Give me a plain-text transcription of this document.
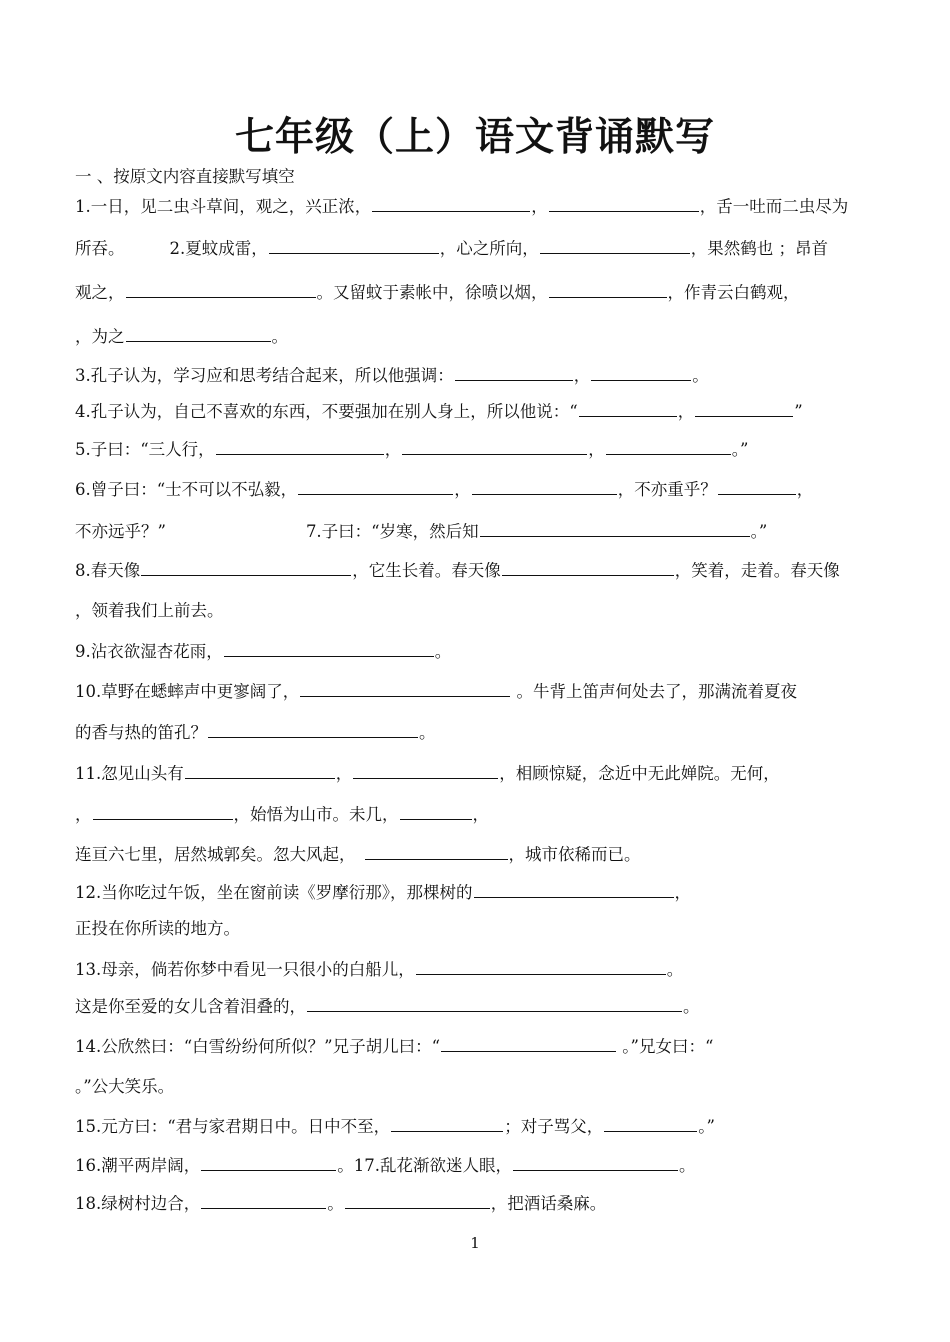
七年级（上）语文背诵默写
一 、按原文内容直接默写填空
1.一日，见二虫斗草间，观之，兴正浓，	，	，舌一吐而二虫尽为
所吞。	2.夏蚊成雷，	，心之所向，	，果然鹤也 ；昂首
观之，	。又留蚊于素帐中，徐喷以烟，	，作青云白鹤观，
，为之	。
3.孔子认为，学习应和思考结合起来，所以他强调：	，	。
4.孔子认为，自己不喜欢的东西，不要强加在别人身上，所以他说：“	，	”
5.子曰：“三人行，	，	，	。”
6.曾子曰：“士不可以不弘毅，	，	，不亦重乎？	，
不亦远乎？”	7.子曰：“岁寒，然后知	。”
8.春天像	，它生长着。春天像	，笑着，走着。春天像
，领着我们上前去。
9.沾衣欲湿杏花雨，	。
10.草野在蟋蟀声中更寥阔了，	。牛背上笛声何处去了，那满流着夏夜
的香与热的笛孔？	。
11.忽见山头有	，	，相顾惊疑，念近中无此婵院。无何，
，	，始悟为山市。未几，	，
连亘六七里，居然城郭矣。忽大风起，	，城市依稀而已。
12.当你吃过午饭，坐在窗前读《罗摩衍那》，那棵树的	，
正投在你所读的地方。
13.母亲，倘若你梦中看见一只很小的白船儿，	。
这是你至爱的女儿含着泪叠的，	。
14.公欣然曰：“白雪纷纷何所似？”兄子胡儿曰：“	。”兄女曰：“
。”公大笑乐。
15.元方曰：“君与家君期日中。日中不至，	；对子骂父，	。”
16.潮平两岸阔，	。17.乱花渐欲迷人眼，	。
18.绿树村边合，	。	，把酒话桑麻。
1
